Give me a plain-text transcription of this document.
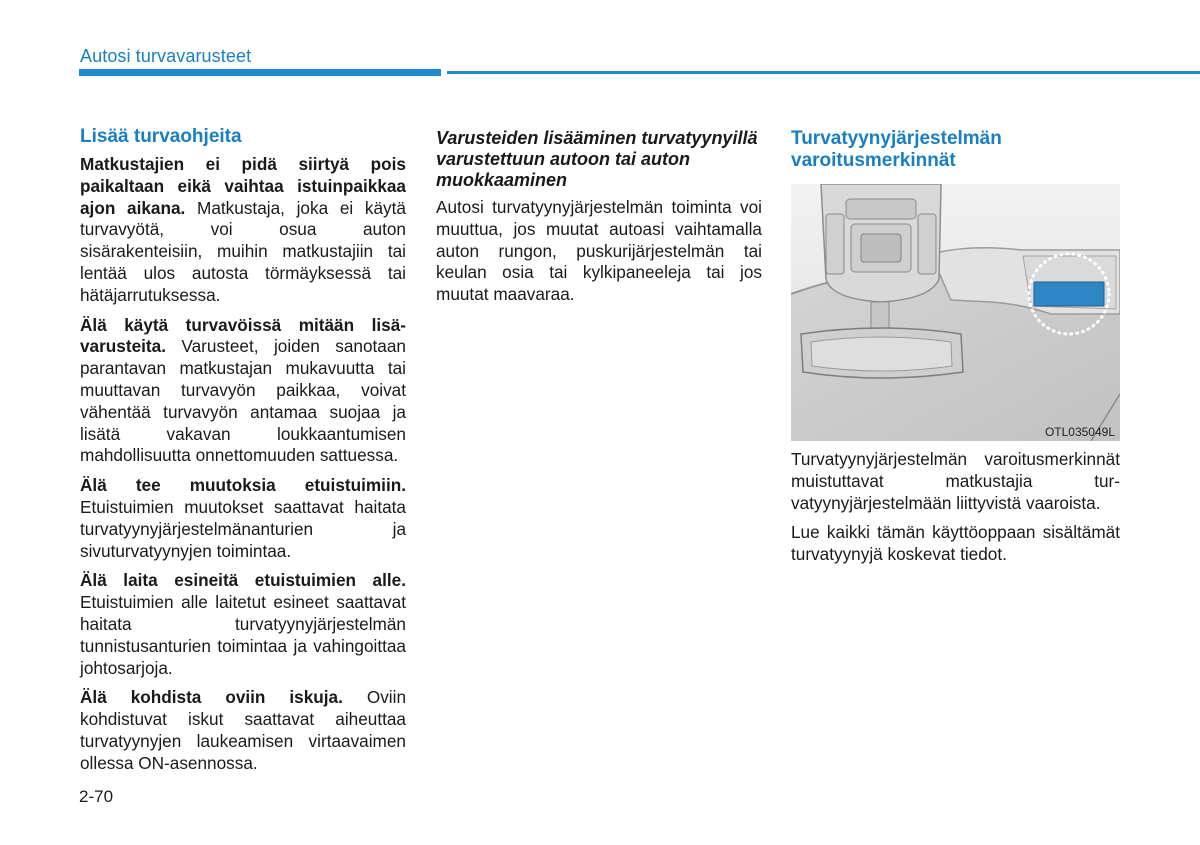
Autosi turvavarusteet
Lisää turvaohjeita

Matkustajien ei pidä siirtyä pois paikaltaan eikä vaihtaa istuinpaikkaa ajon aikana. Matkustaja, joka ei käytä turvavyötä, voi osua auton sisärakenteisiin, muihin matkustajiin tai lentää ulos autosta törmäyksessä tai hätäjarrutuksessa.

Älä käytä turvavöissä mitään lisävarusteita. Varusteet, joiden sanotaan parantavan matkustajan mukavuutta tai muuttavan turvavyön paikkaa, voivat vähentää turvavyön antamaa suojaa ja lisätä vakavan loukkaantumisen mahdollisuutta onnettomuuden sattuessa.

Älä tee muutoksia etuistuimiin. Etuistuimien muutokset saattavat haitata turvatyynyjärjestelmänanturien ja sivuturvatyynyjen toimintaa.

Älä laita esineitä etuistuimien alle. Etuistuimien alle laitetut esineet saattavat haitata turvatyynyjärjestelmän tunnistusanturien toimintaa ja vahingoittaa johtosarjoja.

Älä kohdista oviin iskuja. Oviin kohdistuvat iskut saattavat aiheuttaa turvatyynyjen laukeamisen virtaavaimen ollessa ON-asennossa.

Varusteiden lisääminen turvatyynyillä varustettuun autoon tai auton muokkaaminen

Autosi turvatyynyjärjestelmän toiminta voi muuttua, jos muutat autoasi vaihtamalla auton rungon, puskurijärjestelmän tai keulan osia tai kylkipaneeleja tai jos muutat maavaraa.

Turvatyynyjärjestelmän varoitusmerkinnät
OTL035049L

Turvatyynyjärjestelmän varoitusmerkinnät muistuttavat matkustajia turvatyynyjärjestelmään liittyvistä vaaroista.

Lue kaikki tämän käyttöoppaan sisältämät turvatyynyjä koskevat tiedot.

2-70
